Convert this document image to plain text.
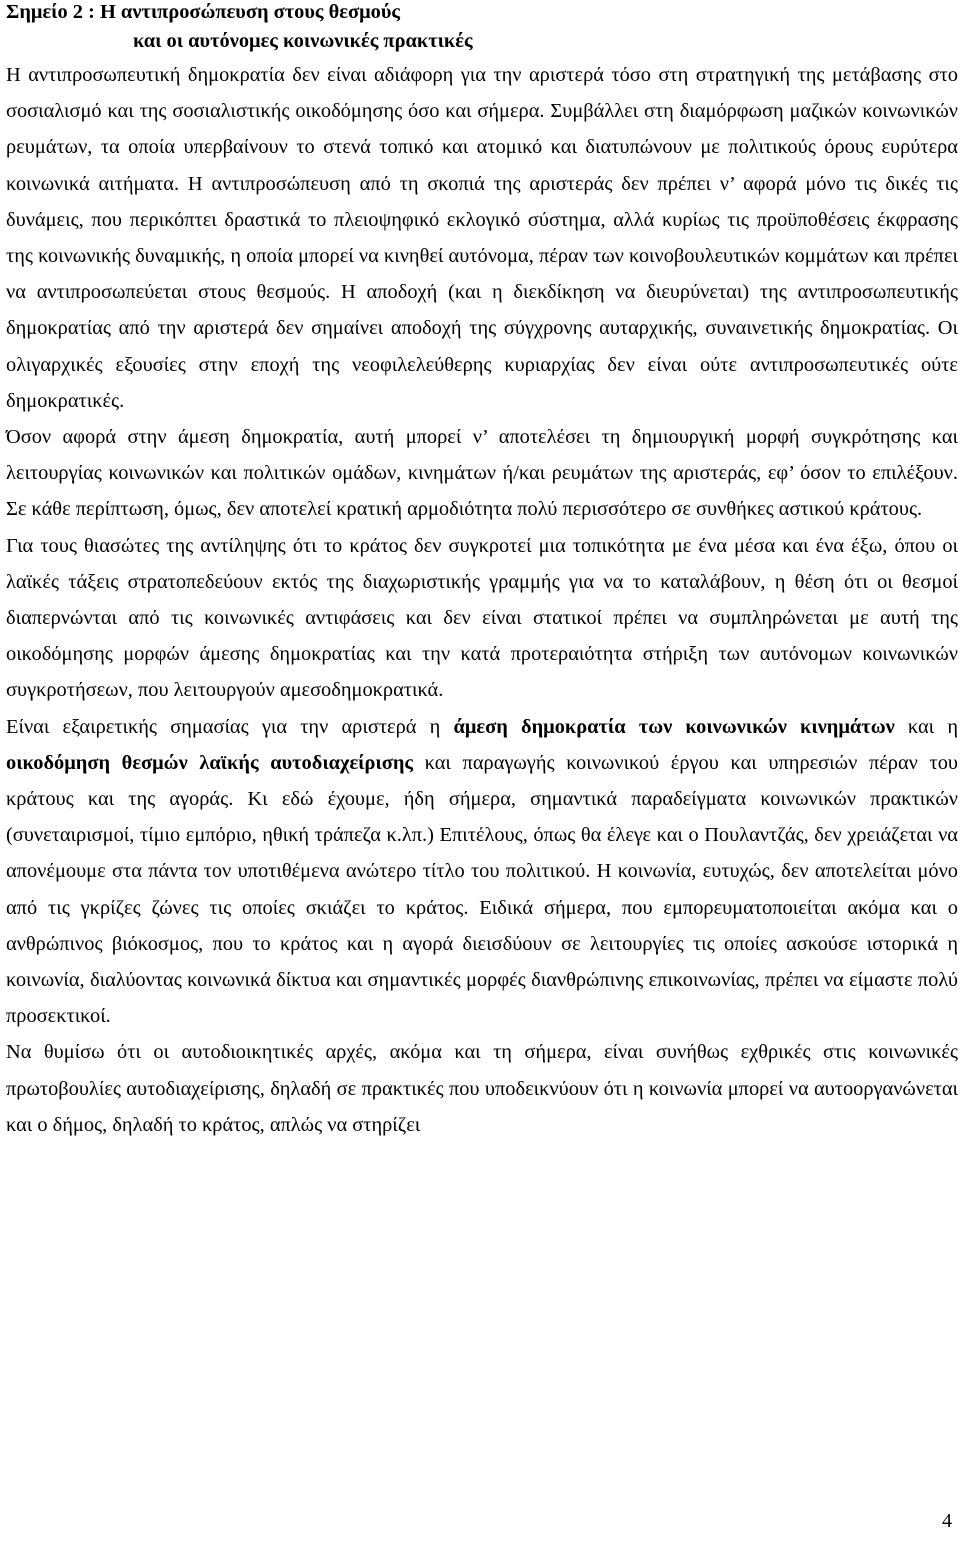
Σημείο 2 : Η αντιπροσώπευση στους θεσμούς
και οι αυτόνομες κοινωνικές πρακτικές

Η αντιπροσωπευτική δημοκρατία δεν είναι αδιάφορη για την αριστερά τόσο στη στρατηγική της μετάβασης στο σοσιαλισμό και της σοσιαλιστικής οικοδόμησης όσο και σήμερα. Συμβάλλει στη διαμόρφωση μαζικών κοινωνικών ρευμάτων, τα οποία υπερβαίνουν το στενά τοπικό και ατομικό και διατυπώνουν με πολιτικούς όρους ευρύτερα κοινωνικά αιτήματα. Η αντιπροσώπευση από τη σκοπιά της αριστεράς δεν πρέπει ν’ αφορά μόνο τις δικές τις δυνάμεις, που περικόπτει δραστικά το πλειοψηφικό εκλογικό σύστημα, αλλά κυρίως τις προϋποθέσεις έκφρασης της κοινωνικής δυναμικής, η οποία μπορεί να κινηθεί αυτόνομα, πέραν των κοινοβουλευτικών κομμάτων και πρέπει να αντιπροσωπεύεται στους θεσμούς. Η αποδοχή (και η διεκδίκηση να διευρύνεται) της αντιπροσωπευτικής δημοκρατίας από την αριστερά δεν σημαίνει αποδοχή της σύγχρονης αυταρχικής, συναινετικής δημοκρατίας. Οι ολιγαρχικές εξουσίες στην εποχή της νεοφιλελεύθερης κυριαρχίας δεν είναι ούτε αντιπροσωπευτικές ούτε δημοκρατικές.

Όσον αφορά στην άμεση δημοκρατία, αυτή μπορεί ν’ αποτελέσει τη δημιουργική μορφή συγκρότησης και λειτουργίας κοινωνικών και πολιτικών ομάδων, κινημάτων ή/και ρευμάτων της αριστεράς, εφ’ όσον το επιλέξουν. Σε κάθε περίπτωση, όμως, δεν αποτελεί κρατική αρμοδιότητα πολύ περισσότερο σε συνθήκες αστικού κράτους.

Για τους θιασώτες της αντίληψης ότι το κράτος δεν συγκροτεί μια τοπικότητα με ένα μέσα και ένα έξω, όπου οι λαϊκές τάξεις στρατοπεδεύουν εκτός της διαχωριστικής γραμμής για να το καταλάβουν, η θέση ότι οι θεσμοί διαπερνώνται από τις κοινωνικές αντιφάσεις και δεν είναι στατικοί πρέπει να συμπληρώνεται με αυτή της οικοδόμησης μορφών άμεσης δημοκρατίας και την κατά προτεραιότητα στήριξη των αυτόνομων κοινωνικών συγκροτήσεων, που λειτουργούν αμεσοδημοκρατικά.

Είναι εξαιρετικής σημασίας για την αριστερά η άμεση δημοκρατία των κοινωνικών κινημάτων και η οικοδόμηση θεσμών λαϊκής αυτοδιαχείρισης και παραγωγής κοινωνικού έργου και υπηρεσιών πέραν του κράτους και της αγοράς. Κι εδώ έχουμε, ήδη σήμερα, σημαντικά παραδείγματα κοινωνικών πρακτικών (συνεταιρισμοί, τίμιο εμπόριο, ηθική τράπεζα κ.λπ.) Επιτέλους, όπως θα έλεγε και ο Πουλαντζάς, δεν χρειάζεται να απονέμουμε στα πάντα τον υποτιθέμενα ανώτερο τίτλο του πολιτικού. Η κοινωνία, ευτυχώς, δεν αποτελείται μόνο από τις γκρίζες ζώνες τις οποίες σκιάζει το κράτος. Ειδικά σήμερα, που εμπορευματοποιείται ακόμα και ο ανθρώπινος βιόκοσμος, που το κράτος και η αγορά διεισδύουν σε λειτουργίες τις οποίες ασκούσε ιστορικά η κοινωνία, διαλύοντας κοινωνικά δίκτυα και σημαντικές μορφές διανθρώπινης επικοινωνίας, πρέπει να είμαστε πολύ προσεκτικοί.

Να θυμίσω ότι οι αυτοδιοικητικές αρχές, ακόμα και τη σήμερα, είναι συνήθως εχθρικές στις κοινωνικές πρωτοβουλίες αυτοδιαχείρισης, δηλαδή σε πρακτικές που υποδεικνύουν ότι η κοινωνία μπορεί να αυτοοργανώνεται και ο δήμος, δηλαδή το κράτος, απλώς να στηρίζει

4
